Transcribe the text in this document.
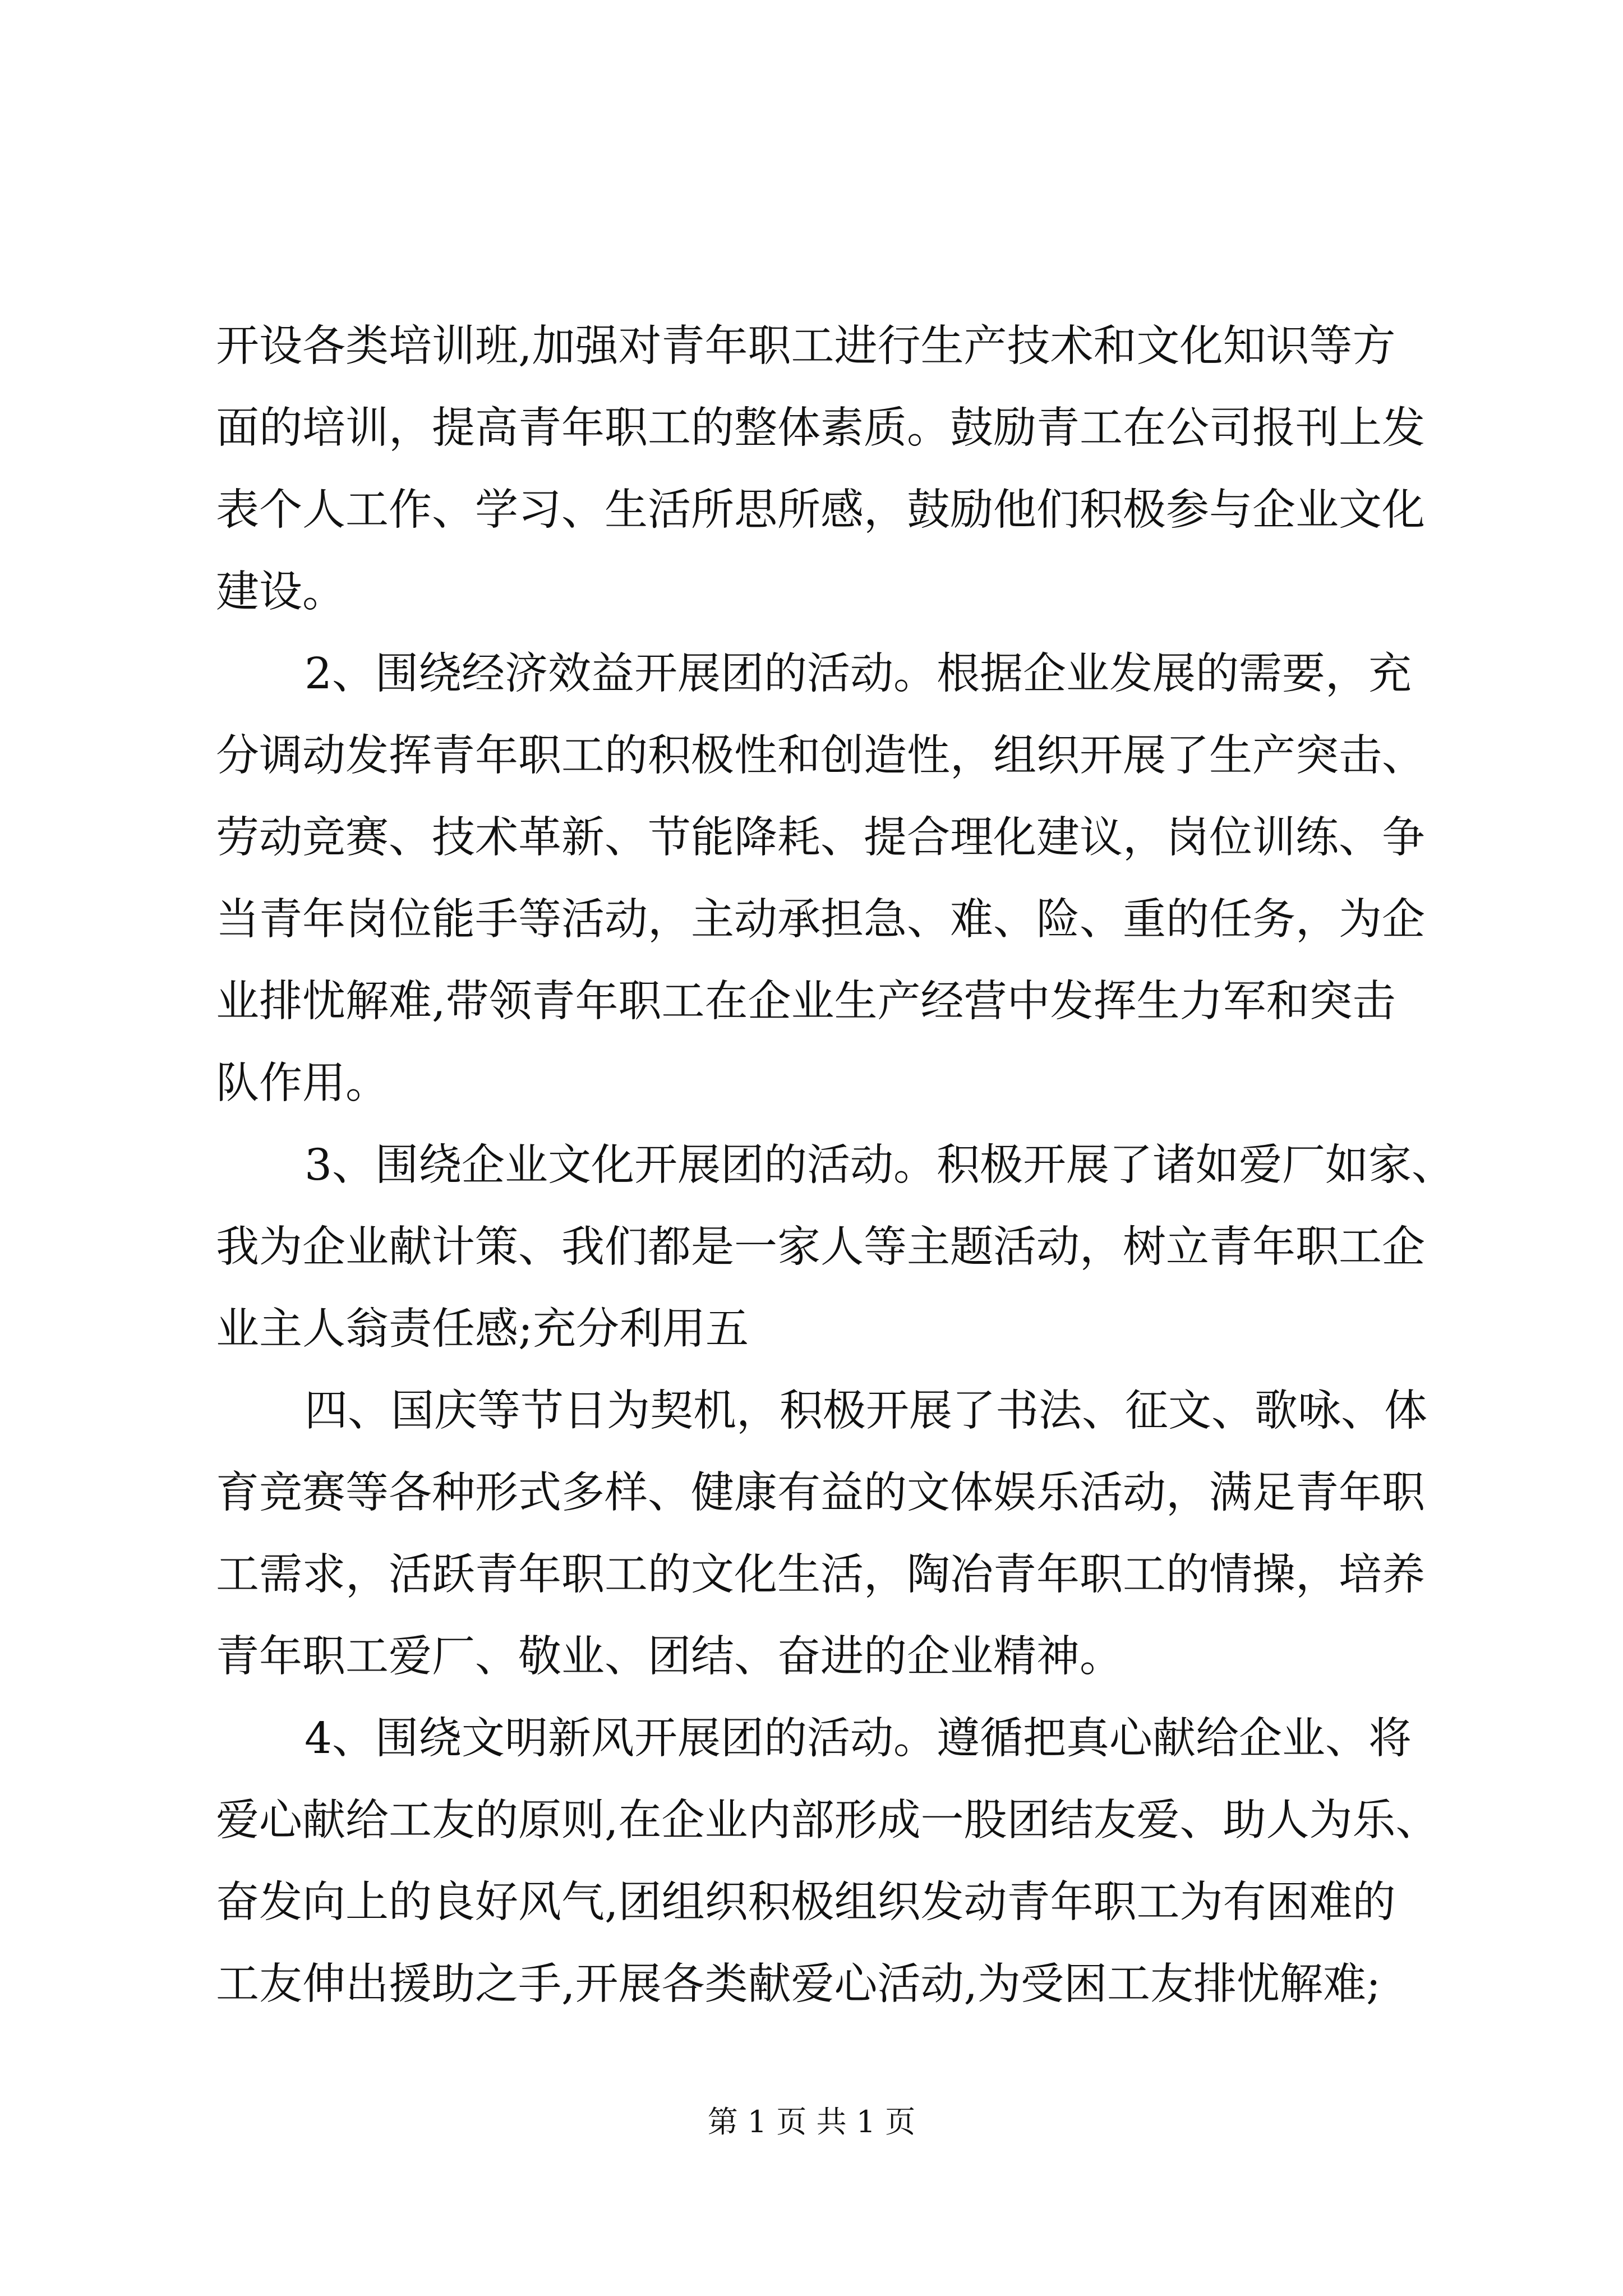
开设各类培训班,加强对青年职工进行生产技术和文化知识等方
面的培训，提高青年职工的整体素质。鼓励青工在公司报刊上发
表个人工作、学习、生活所思所感，鼓励他们积极参与企业文化
建设。
2、围绕经济效益开展团的活动。根据企业发展的需要，充
分调动发挥青年职工的积极性和创造性，组织开展了生产突击、
劳动竞赛、技术革新、节能降耗、提合理化建议，岗位训练、争
当青年岗位能手等活动，主动承担急、难、险、重的任务，为企
业排忧解难,带领青年职工在企业生产经营中发挥生力军和突击
队作用。
3、围绕企业文化开展团的活动。积极开展了诸如爱厂如家、
我为企业献计策、我们都是一家人等主题活动，树立青年职工企
业主人翁责任感;充分利用五
四、国庆等节日为契机，积极开展了书法、征文、歌咏、体
育竞赛等各种形式多样、健康有益的文体娱乐活动，满足青年职
工需求，活跃青年职工的文化生活，陶冶青年职工的情操，培养
青年职工爱厂、敬业、团结、奋进的企业精神。
4、围绕文明新风开展团的活动。遵循把真心献给企业、将
爱心献给工友的原则,在企业内部形成一股团结友爱、助人为乐、
奋发向上的良好风气,团组织积极组织发动青年职工为有困难的
工友伸出援助之手,开展各类献爱心活动,为受困工友排忧解难;
第 1 页 共 1 页
